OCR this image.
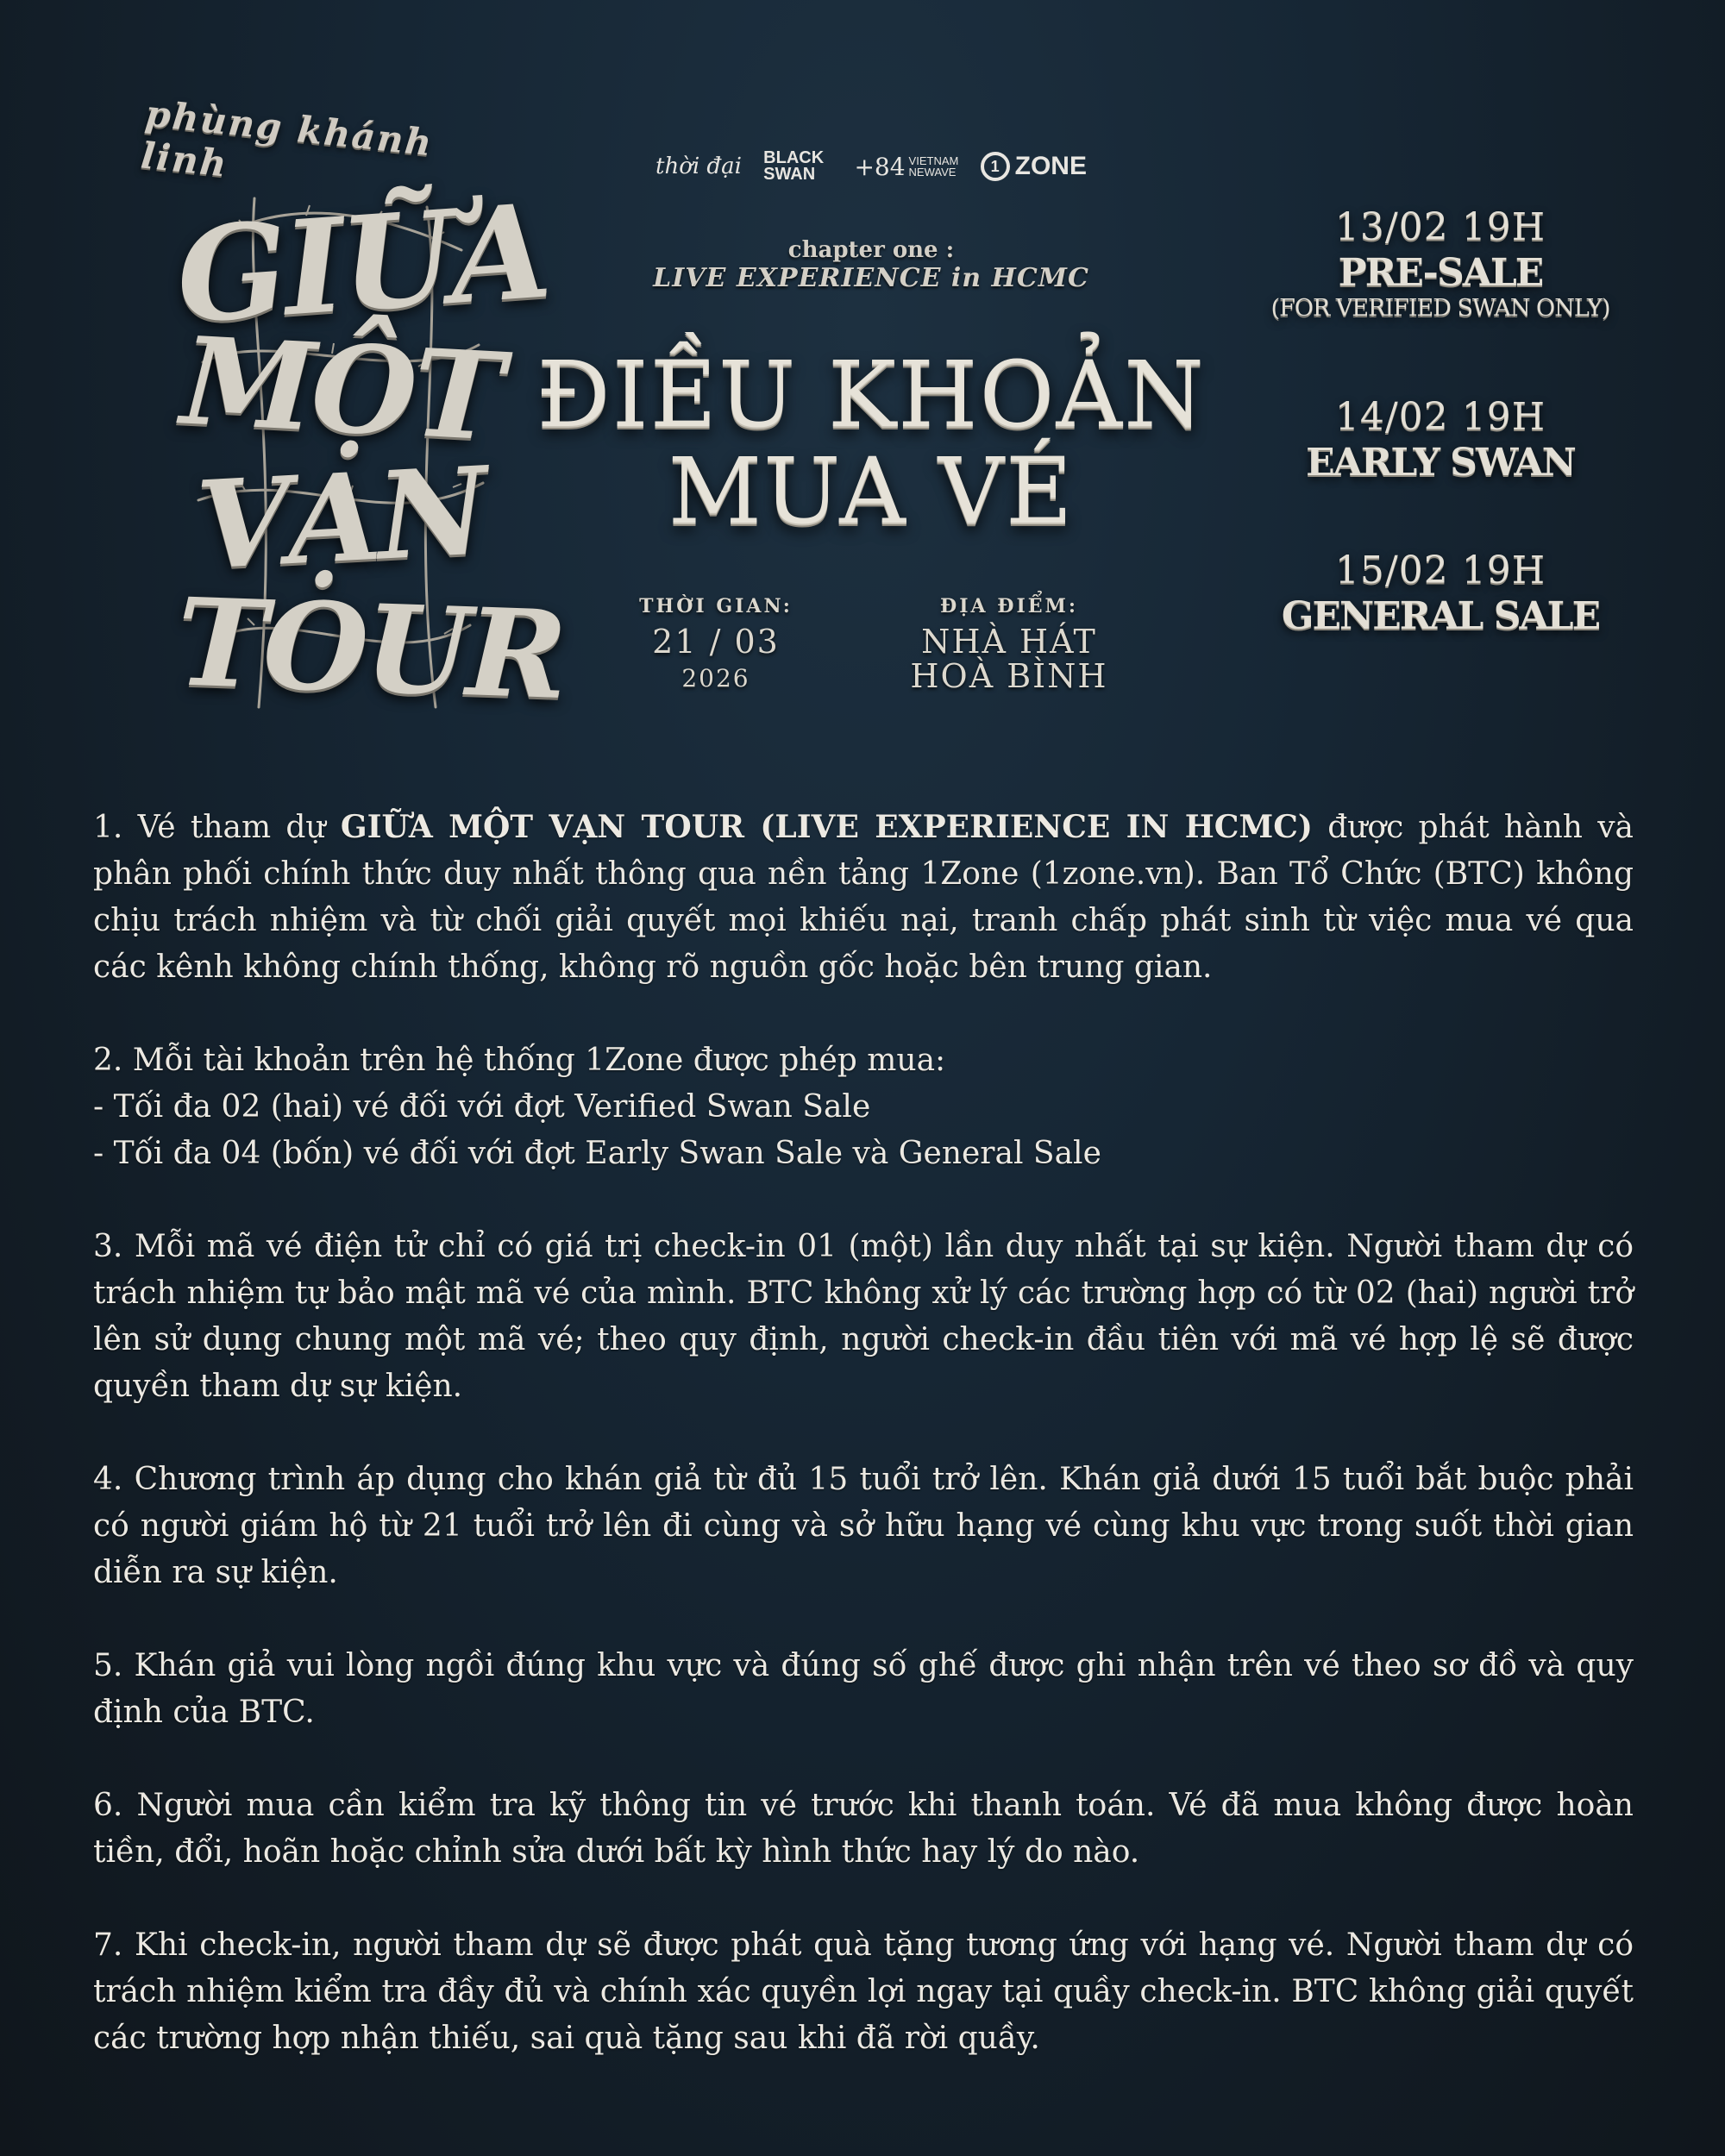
phùng khánh linh
GIỮA
MỘT
VẠN
TOUR
thời đại BLACK
SWAN	+84 VIETNAM
NEWAVE	1 ZONE
chapter one :
LIVE EXPERIENCE in HCMC
ĐIỀU KHOẢN
MUA VÉ
THỜI GIAN:
21 / 03
2026
ĐỊA ĐIỂM:
NHÀ HÁT
HOÀ BÌNH
13/02 19H
PRE-SALE
(FOR VERIFIED SWAN ONLY)
14/02 19H
EARLY SWAN
15/02 19H
GENERAL SALE

1. Vé tham dự GIỮA MỘT VẠN TOUR (LIVE EXPERIENCE IN HCMC) được phát hành và phân phối chính thức duy nhất thông qua nền tảng 1Zone (1zone.vn). Ban Tổ Chức (BTC) không chịu trách nhiệm và từ chối giải quyết mọi khiếu nại, tranh chấp phát sinh từ việc mua vé qua các kênh không chính thống, không rõ nguồn gốc hoặc bên trung gian.

2. Mỗi tài khoản trên hệ thống 1Zone được phép mua:
- Tối đa 02 (hai) vé đối với đợt Verified Swan Sale
- Tối đa 04 (bốn) vé đối với đợt Early Swan Sale và General Sale

3. Mỗi mã vé điện tử chỉ có giá trị check-in 01 (một) lần duy nhất tại sự kiện. Người tham dự có trách nhiệm tự bảo mật mã vé của mình. BTC không xử lý các trường hợp có từ 02 (hai) người trở lên sử dụng chung một mã vé; theo quy định, người check-in đầu tiên với mã vé hợp lệ sẽ được quyền tham dự sự kiện.

4. Chương trình áp dụng cho khán giả từ đủ 15 tuổi trở lên. Khán giả dưới 15 tuổi bắt buộc phải có người giám hộ từ 21 tuổi trở lên đi cùng và sở hữu hạng vé cùng khu vực trong suốt thời gian diễn ra sự kiện.

5. Khán giả vui lòng ngồi đúng khu vực và đúng số ghế được ghi nhận trên vé theo sơ đồ và quy định của BTC.

6. Người mua cần kiểm tra kỹ thông tin vé trước khi thanh toán. Vé đã mua không được hoàn tiền, đổi, hoãn hoặc chỉnh sửa dưới bất kỳ hình thức hay lý do nào.

7. Khi check-in, người tham dự sẽ được phát quà tặng tương ứng với hạng vé. Người tham dự có trách nhiệm kiểm tra đầy đủ và chính xác quyền lợi ngay tại quầy check-in. BTC không giải quyết các trường hợp nhận thiếu, sai quà tặng sau khi đã rời quầy.
